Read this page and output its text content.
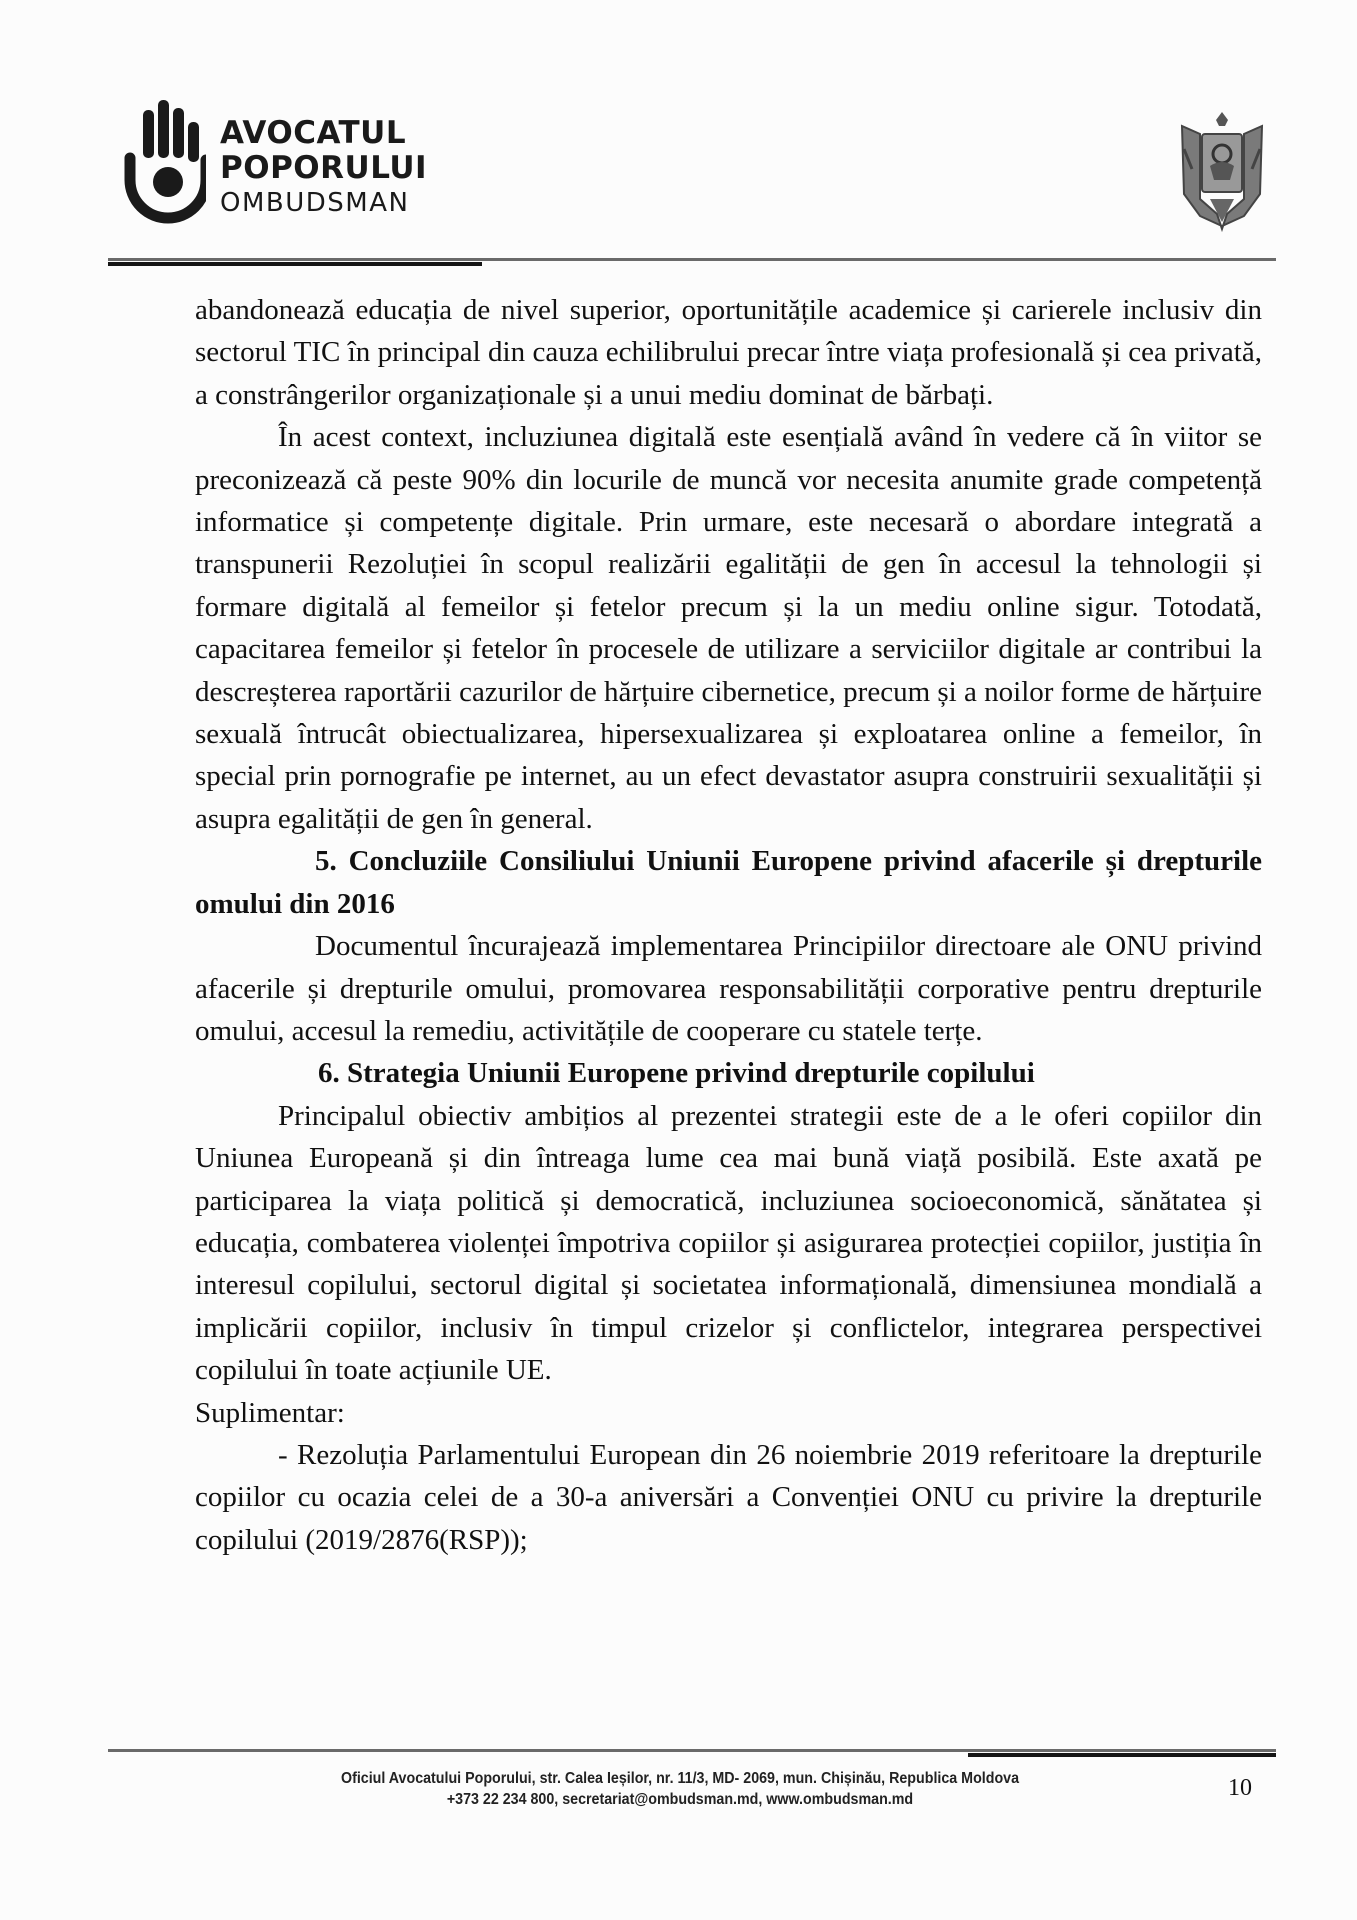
AVOCATUL
POPORULUI
OMBUDSMAN

abandonează educația de nivel superior, oportunitățile academice și carierele inclusiv din sectorul TIC în principal din cauza echilibrului precar între viața profesională și cea privată, a constrângerilor organizaționale și a unui mediu dominat de bărbați.

În acest context, incluziunea digitală este esențială având în vedere că în viitor se preconizează că peste 90% din locurile de muncă vor necesita anumite grade competență informatice și competențe digitale. Prin urmare, este necesară o abordare integrată a transpunerii Rezoluției în scopul realizării egalității de gen în accesul la tehnologii și formare digitală al femeilor și fetelor precum și la un mediu online sigur. Totodată, capacitarea femeilor și fetelor în procesele de utilizare a serviciilor digitale ar contribui la descreșterea raportării cazurilor de hărțuire cibernetice, precum și a noilor forme de hărțuire sexuală întrucât obiectualizarea, hipersexualizarea și exploatarea online a femeilor, în special prin pornografie pe internet, au un efect devastator asupra construirii sexualității și asupra egalității de gen în general.

5. Concluziile Consiliului Uniunii Europene privind afacerile și drepturile omului din 2016

Documentul încurajează implementarea Principiilor directoare ale ONU privind afacerile și drepturile omului, promovarea responsabilității corporative pentru drepturile omului, accesul la remediu, activitățile de cooperare cu statele terțe.

6. Strategia Uniunii Europene privind drepturile copilului

Principalul obiectiv ambițios al prezentei strategii este de a le oferi copiilor din Uniunea Europeană și din întreaga lume cea mai bună viață posibilă. Este axată pe participarea la viața politică și democratică, incluziunea socioeconomică, sănătatea și educația, combaterea violenței împotriva copiilor și asigurarea protecției copiilor, justiția în interesul copilului, sectorul digital și societatea informațională, dimensiunea mondială a implicării copiilor, inclusiv în timpul crizelor și conflictelor, integrarea perspectivei copilului în toate acțiunile UE.

Suplimentar:

- Rezoluția Parlamentului European din 26 noiembrie 2019 referitoare la drepturile copiilor cu ocazia celei de a 30-a aniversări a Convenției ONU cu privire la drepturile copilului (2019/2876(RSP));

Oficiul Avocatului Poporului, str. Calea Ieșilor, nr. 11/3, MD- 2069, mun. Chișinău, Republica Moldova
+373 22 234 800, secretariat@ombudsman.md, www.ombudsman.md	10
